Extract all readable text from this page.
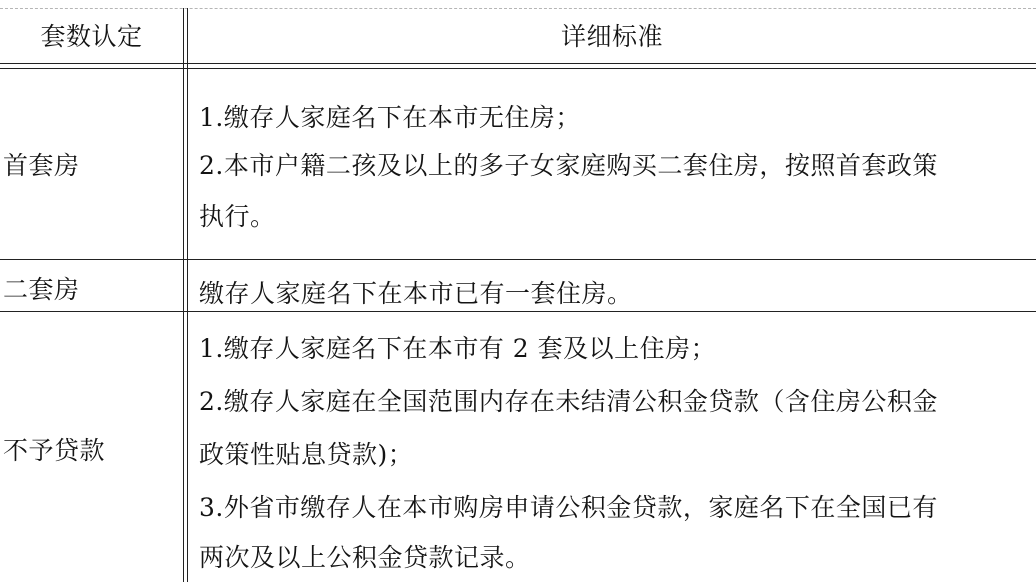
套数认定	详细标准
首套房
1.缴存人家庭名下在本市无住房；
2.本市户籍二孩及以上的多子女家庭购买二套住房，按照首套政策
执行。
二套房	缴存人家庭名下在本市已有一套住房。
不予贷款
1.缴存人家庭名下在本市有 2 套及以上住房；
2.缴存人家庭在全国范围内存在未结清公积金贷款（含住房公积金
政策性贴息贷款)；
3.外省市缴存人在本市购房申请公积金贷款，家庭名下在全国已有
两次及以上公积金贷款记录。
